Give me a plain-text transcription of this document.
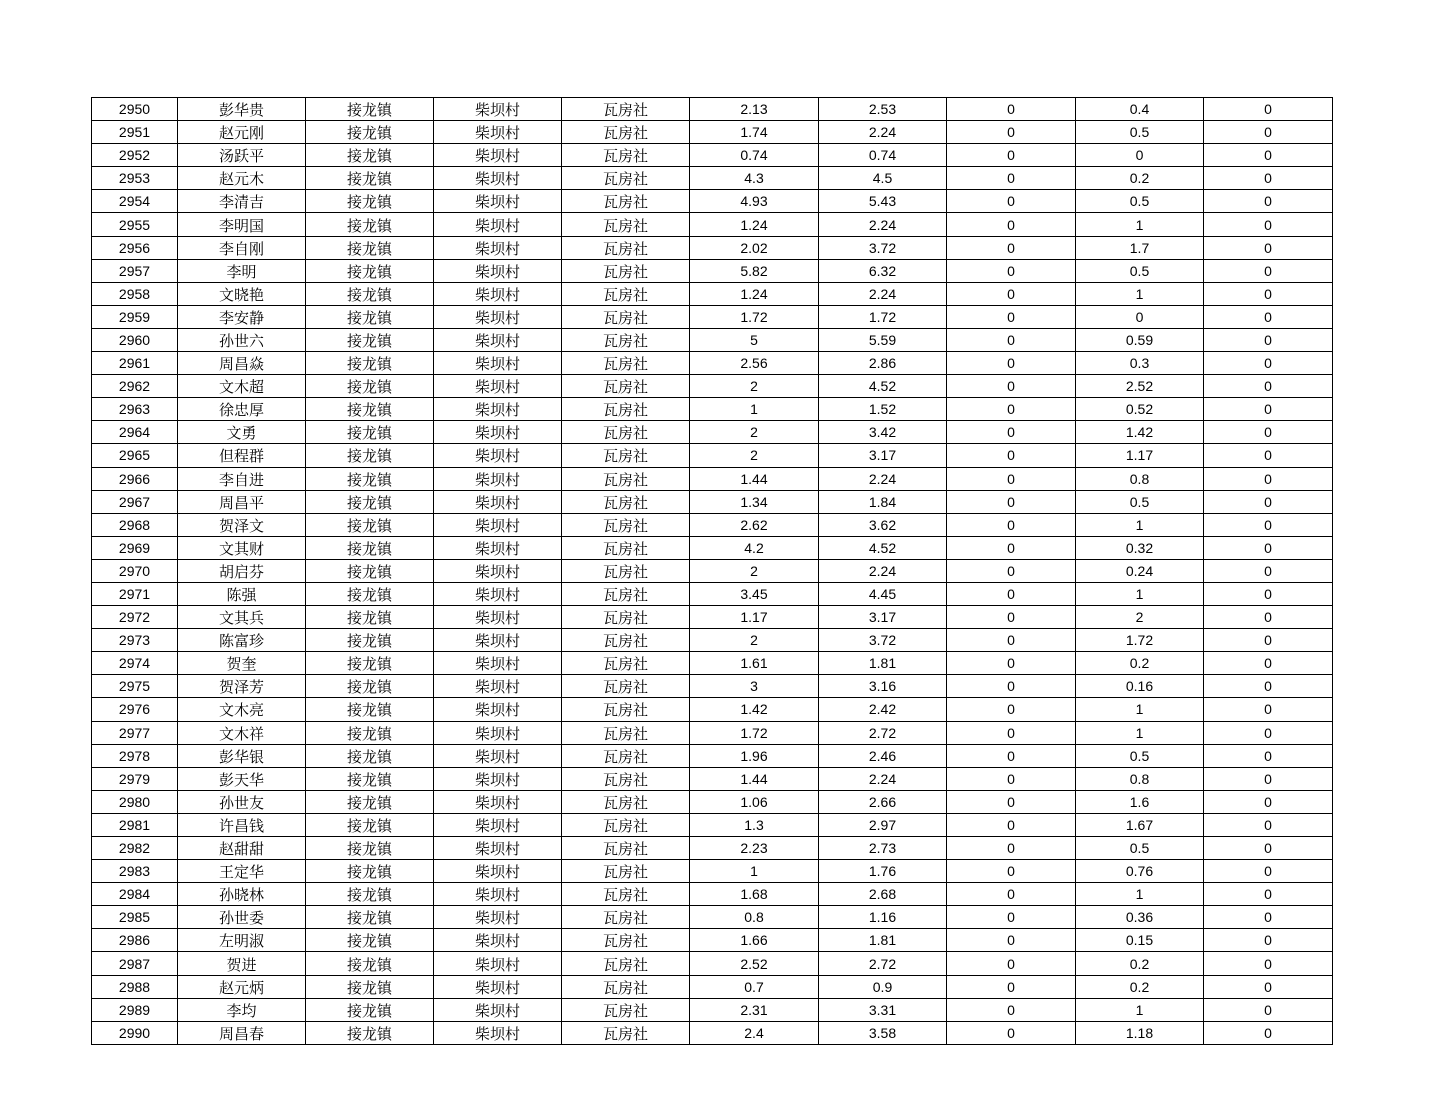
2950	彭华贵	接龙镇	柴坝村	瓦房社	2.13	2.53	0	0.4	0
2951	赵元刚	接龙镇	柴坝村	瓦房社	1.74	2.24	0	0.5	0
2952	汤跃平	接龙镇	柴坝村	瓦房社	0.74	0.74	0	0	0
2953	赵元木	接龙镇	柴坝村	瓦房社	4.3	4.5	0	0.2	0
2954	李清吉	接龙镇	柴坝村	瓦房社	4.93	5.43	0	0.5	0
2955	李明国	接龙镇	柴坝村	瓦房社	1.24	2.24	0	1	0
2956	李自刚	接龙镇	柴坝村	瓦房社	2.02	3.72	0	1.7	0
2957	李明	接龙镇	柴坝村	瓦房社	5.82	6.32	0	0.5	0
2958	文晓艳	接龙镇	柴坝村	瓦房社	1.24	2.24	0	1	0
2959	李安静	接龙镇	柴坝村	瓦房社	1.72	1.72	0	0	0
2960	孙世六	接龙镇	柴坝村	瓦房社	5	5.59	0	0.59	0
2961	周昌焱	接龙镇	柴坝村	瓦房社	2.56	2.86	0	0.3	0
2962	文木超	接龙镇	柴坝村	瓦房社	2	4.52	0	2.52	0
2963	徐忠厚	接龙镇	柴坝村	瓦房社	1	1.52	0	0.52	0
2964	文勇	接龙镇	柴坝村	瓦房社	2	3.42	0	1.42	0
2965	但程群	接龙镇	柴坝村	瓦房社	2	3.17	0	1.17	0
2966	李自进	接龙镇	柴坝村	瓦房社	1.44	2.24	0	0.8	0
2967	周昌平	接龙镇	柴坝村	瓦房社	1.34	1.84	0	0.5	0
2968	贺泽文	接龙镇	柴坝村	瓦房社	2.62	3.62	0	1	0
2969	文其财	接龙镇	柴坝村	瓦房社	4.2	4.52	0	0.32	0
2970	胡启芬	接龙镇	柴坝村	瓦房社	2	2.24	0	0.24	0
2971	陈强	接龙镇	柴坝村	瓦房社	3.45	4.45	0	1	0
2972	文其兵	接龙镇	柴坝村	瓦房社	1.17	3.17	0	2	0
2973	陈富珍	接龙镇	柴坝村	瓦房社	2	3.72	0	1.72	0
2974	贺奎	接龙镇	柴坝村	瓦房社	1.61	1.81	0	0.2	0
2975	贺泽芳	接龙镇	柴坝村	瓦房社	3	3.16	0	0.16	0
2976	文木亮	接龙镇	柴坝村	瓦房社	1.42	2.42	0	1	0
2977	文木祥	接龙镇	柴坝村	瓦房社	1.72	2.72	0	1	0
2978	彭华银	接龙镇	柴坝村	瓦房社	1.96	2.46	0	0.5	0
2979	彭天华	接龙镇	柴坝村	瓦房社	1.44	2.24	0	0.8	0
2980	孙世友	接龙镇	柴坝村	瓦房社	1.06	2.66	0	1.6	0
2981	许昌钱	接龙镇	柴坝村	瓦房社	1.3	2.97	0	1.67	0
2982	赵甜甜	接龙镇	柴坝村	瓦房社	2.23	2.73	0	0.5	0
2983	王定华	接龙镇	柴坝村	瓦房社	1	1.76	0	0.76	0
2984	孙晓林	接龙镇	柴坝村	瓦房社	1.68	2.68	0	1	0
2985	孙世委	接龙镇	柴坝村	瓦房社	0.8	1.16	0	0.36	0
2986	左明淑	接龙镇	柴坝村	瓦房社	1.66	1.81	0	0.15	0
2987	贺进	接龙镇	柴坝村	瓦房社	2.52	2.72	0	0.2	0
2988	赵元炳	接龙镇	柴坝村	瓦房社	0.7	0.9	0	0.2	0
2989	李均	接龙镇	柴坝村	瓦房社	2.31	3.31	0	1	0
2990	周昌春	接龙镇	柴坝村	瓦房社	2.4	3.58	0	1.18	0
